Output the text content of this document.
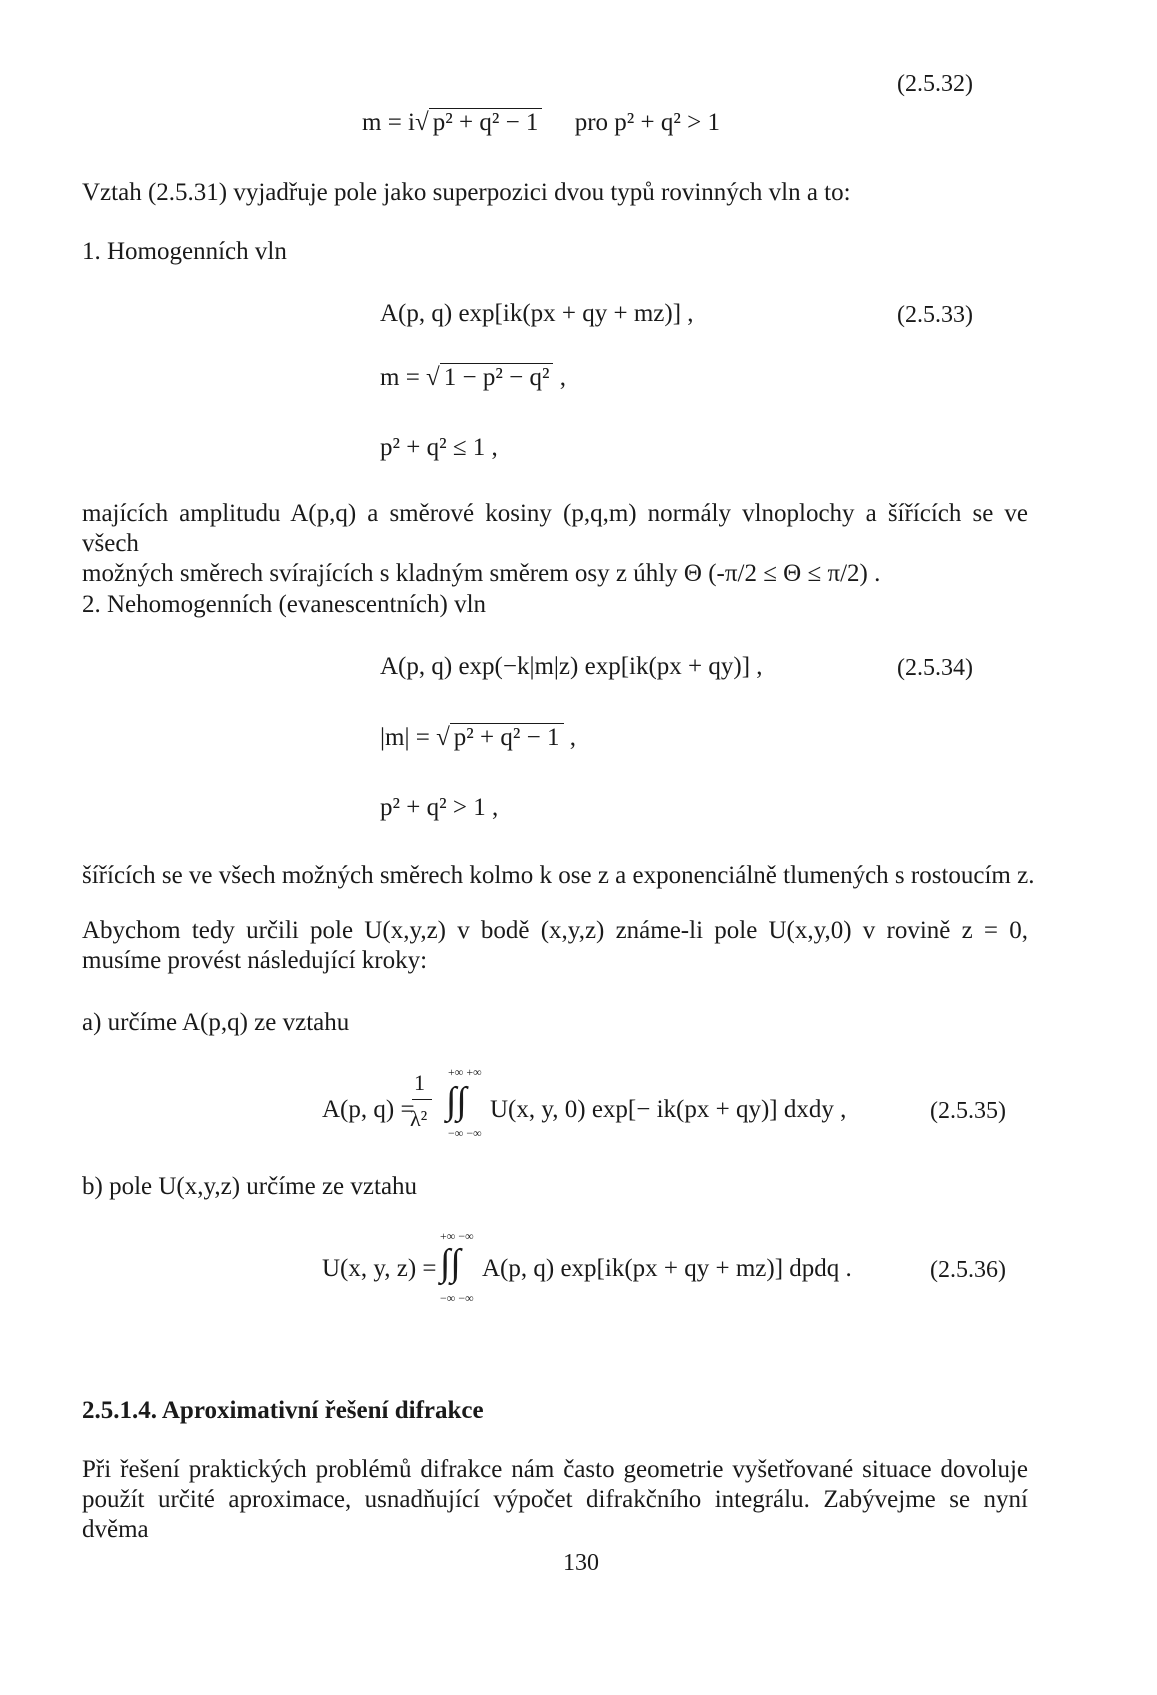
(2.5.32)
m = i√ p² + q² − 1 pro p² + q² > 1
Vztah (2.5.31) vyjadřuje pole jako superpozici dvou typů rovinných vln a to:
1. Homogenních vln
A(p, q) exp[ik(px + qy + mz)] ,	(2.5.33)
m = √ 1 − p² − q² ,
p² + q² ≤ 1 ,
majících amplitudu A(p,q) a směrové kosiny (p,q,m) normály vlnoplochy a šířících se ve všech
možných směrech svírajících s kladným směrem osy z úhly Θ (-π/2 ≤ Θ ≤ π/2) .
2. Nehomogenních (evanescentních) vln
A(p, q) exp(−k|m|z) exp[ik(px + qy)] ,	(2.5.34)
|m| = √ p² + q² − 1 ,
p² + q² > 1 ,
šířících se ve všech možných směrech kolmo k ose z a exponenciálně tlumených s rostoucím z.
Abychom tedy určili pole U(x,y,z) v bodě (x,y,z) známe-li pole U(x,y,0) v rovině z = 0,
musíme provést následující kroky:
a) určíme A(p,q) ze vztahu
A(p, q) =
1
λ²
+∞ +∞
∫∫
−∞ −∞
U(x, y, 0) exp[− ik(px + qy)] dxdy ,	(2.5.35)
b) pole U(x,y,z) určíme ze vztahu
U(x, y, z) =
+∞ −∞
∫∫
−∞ −∞
A(p, q) exp[ik(px + qy + mz)] dpdq .	(2.5.36)
2.5.1.4. Aproximativní řešení difrakce
Při řešení praktických problémů difrakce nám často geometrie vyšetřované situace dovoluje
použít určité aproximace, usnadňující výpočet difrakčního integrálu. Zabývejme se nyní dvěma
130
